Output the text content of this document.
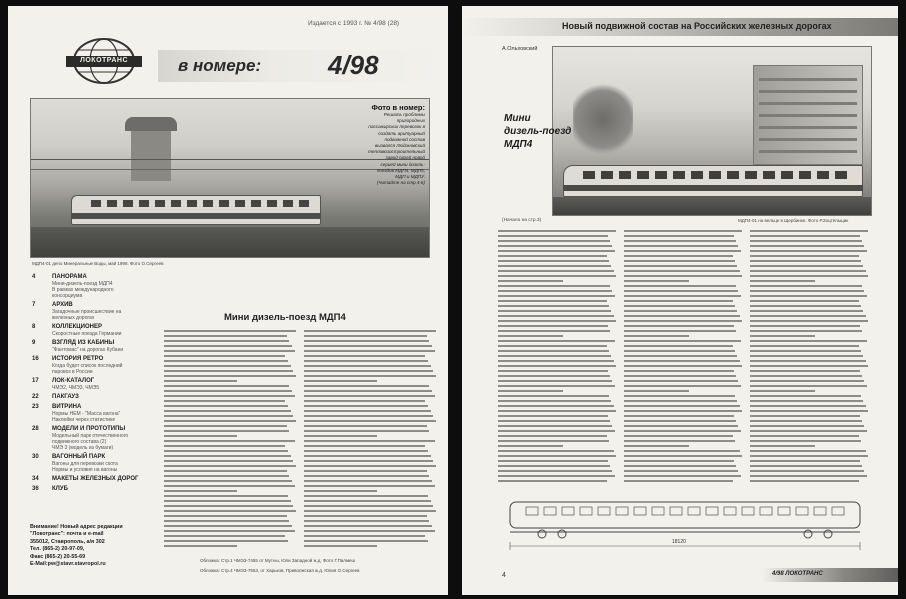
Издается с 1993 г. № 4/98 (28)
ЛОКОТРАНС	в номере:	4/98
Фото в номер:
Решать проблемы
пригородных
пассажирских перевозок в
создать аритуарный
подвижной состав
вызвался Людиновский
тепловозостроительный
завод своей новой
серией мини дизель-
поездов МДП4, МДП5,
МДП и МДПУ.
(Читайте на стр.4-6)
МДП4-01 депо Минеральные Воды, май 1998. Фото О.Сергеев
4	ПАНОРАМА
Мини-дизель-поезд МДП4
В рамках международного
консорциума
7	АРХИВ
Загадочные происшествие на
железных дорогах
8	КОЛЛЕКЦИОНЕР
Скоростные поезда Германии
9	ВЗГЛЯД ИЗ КАБИНЫ
"Фантомас" на дорогах Кубани
16	ИСТОРИЯ РЕТРО
Когда будет список последний
паровоз в России
17	ЛОК-КАТАЛОГ
ЧМЭ2, ЧМЭ3, ЧМЭ5
22	ПАКГАУЗ
23	ВИТРИНА
Нормы НЕМ - "Масса вагона"
Наклейки через статистике
28	МОДЕЛИ И ПРОТОТИПЫ
Модельный парк отечественного
подвижного состава (2)
ЧМЭ 3 (модель из бумаги)
30	ВАГОННЫЙ ПАРК
Вагоны для перевозки скота
Нормы и условия на вагоны
34	МАКЕТЫ ЖЕЛЕЗНЫХ ДОРОГ
36	КЛУБ
Внимание! Новый адрес редакции
"Локотранс": почта и e-mail
355012, Ставрополь, а/я 302
Тел. (865-2) 20-97-09,
Факс (865-2) 20-55-69
E-Mail:pw@stavr.stavropol.ru
Мини дизель-поезд МДП4
Обложка: Стр.1 ЧМЭ3-7455 от Мутны, Юли Западной ж.д. Фото Г.Палмеш
Обложка: Стр.4 ЧМЭ3-7553, от Харьков, Приволжская ж.д. Юлия О.Сергеев
Новый подвижной состав на Российских железных дорогах
А.Ольховский
Мини
дизель-поезд
МДП4
(Начало на стр.3)	МДП4-01 на вельце в Щербинке. Фото Р.Зоцтельщик
18120
4	4/98 ЛОКОТРАНС
